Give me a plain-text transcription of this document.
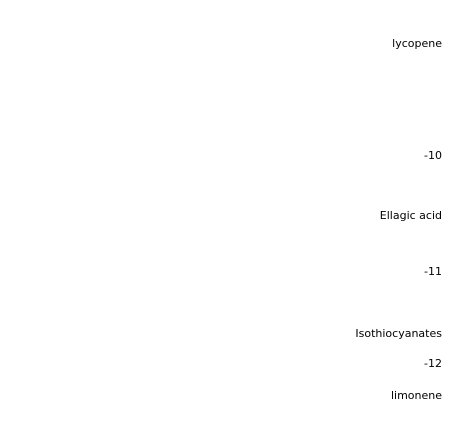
lycopene
10-
Ellagic acid
11-
Isothiocyanates
12-
limonene
